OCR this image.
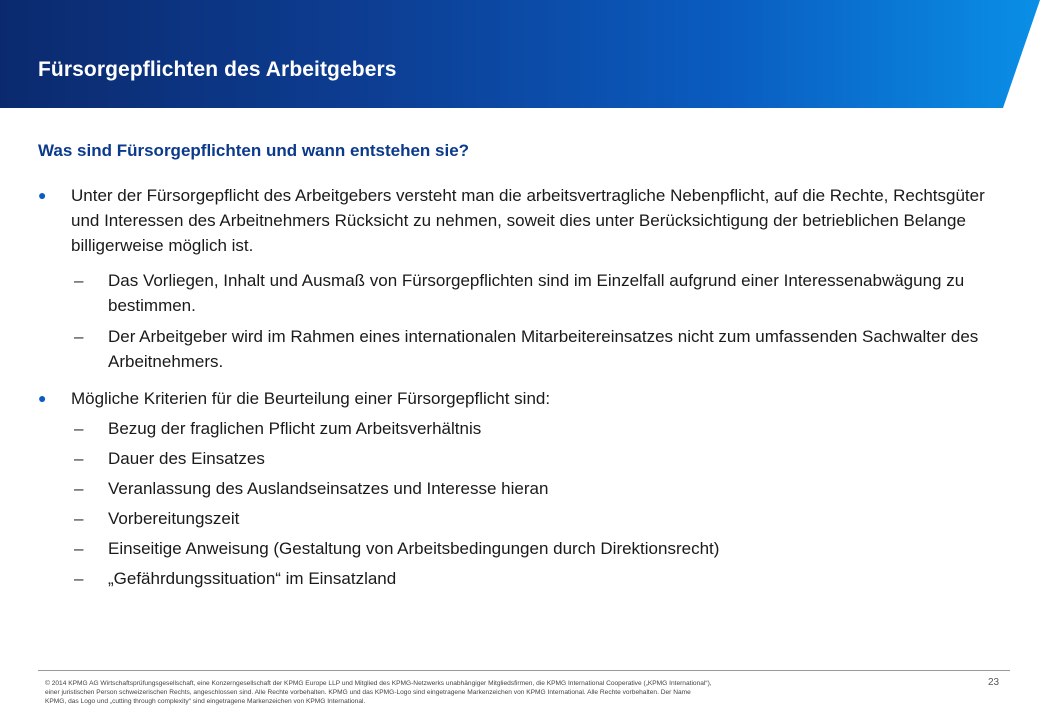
Fürsorgepflichten des Arbeitgebers
Was sind Fürsorgepflichten und wann entstehen sie?
● Unter der Fürsorgepflicht des Arbeitgebers versteht man die arbeitsvertragliche Nebenpflicht, auf die Rechte, Rechtsgüter und Interessen des Arbeitnehmers Rücksicht zu nehmen, soweit dies unter Berücksichtigung der betrieblichen Belange billigerweise möglich ist.
– Das Vorliegen, Inhalt und Ausmaß von Fürsorgepflichten sind im Einzelfall aufgrund einer Interessenabwägung zu bestimmen.
– Der Arbeitgeber wird im Rahmen eines internationalen Mitarbeitereinsatzes nicht zum umfassenden Sachwalter des Arbeitnehmers.
● Mögliche Kriterien für die Beurteilung einer Fürsorgepflicht sind:
– Bezug der fraglichen Pflicht zum Arbeitsverhältnis
– Dauer des Einsatzes
– Veranlassung des Auslandseinsatzes und Interesse hieran
– Vorbereitungszeit
– Einseitige Anweisung (Gestaltung von Arbeitsbedingungen durch Direktionsrecht)
– „Gefährdungssituation“ im Einsatzland
© 2014 KPMG AG Wirtschaftsprüfungsgesellschaft, eine Konzerngesellschaft der KPMG Europe LLP und Mitglied des KPMG-Netzwerks unabhängiger Mitgliedsfirmen, die KPMG International Cooperative („KPMG International“),
einer juristischen Person schweizerischen Rechts, angeschlossen sind. Alle Rechte vorbehalten. KPMG und das KPMG-Logo sind eingetragene Markenzeichen von KPMG International. Alle Rechte vorbehalten. Der Name
KPMG, das Logo und „cutting through complexity“ sind eingetragene Markenzeichen von KPMG International.
23
